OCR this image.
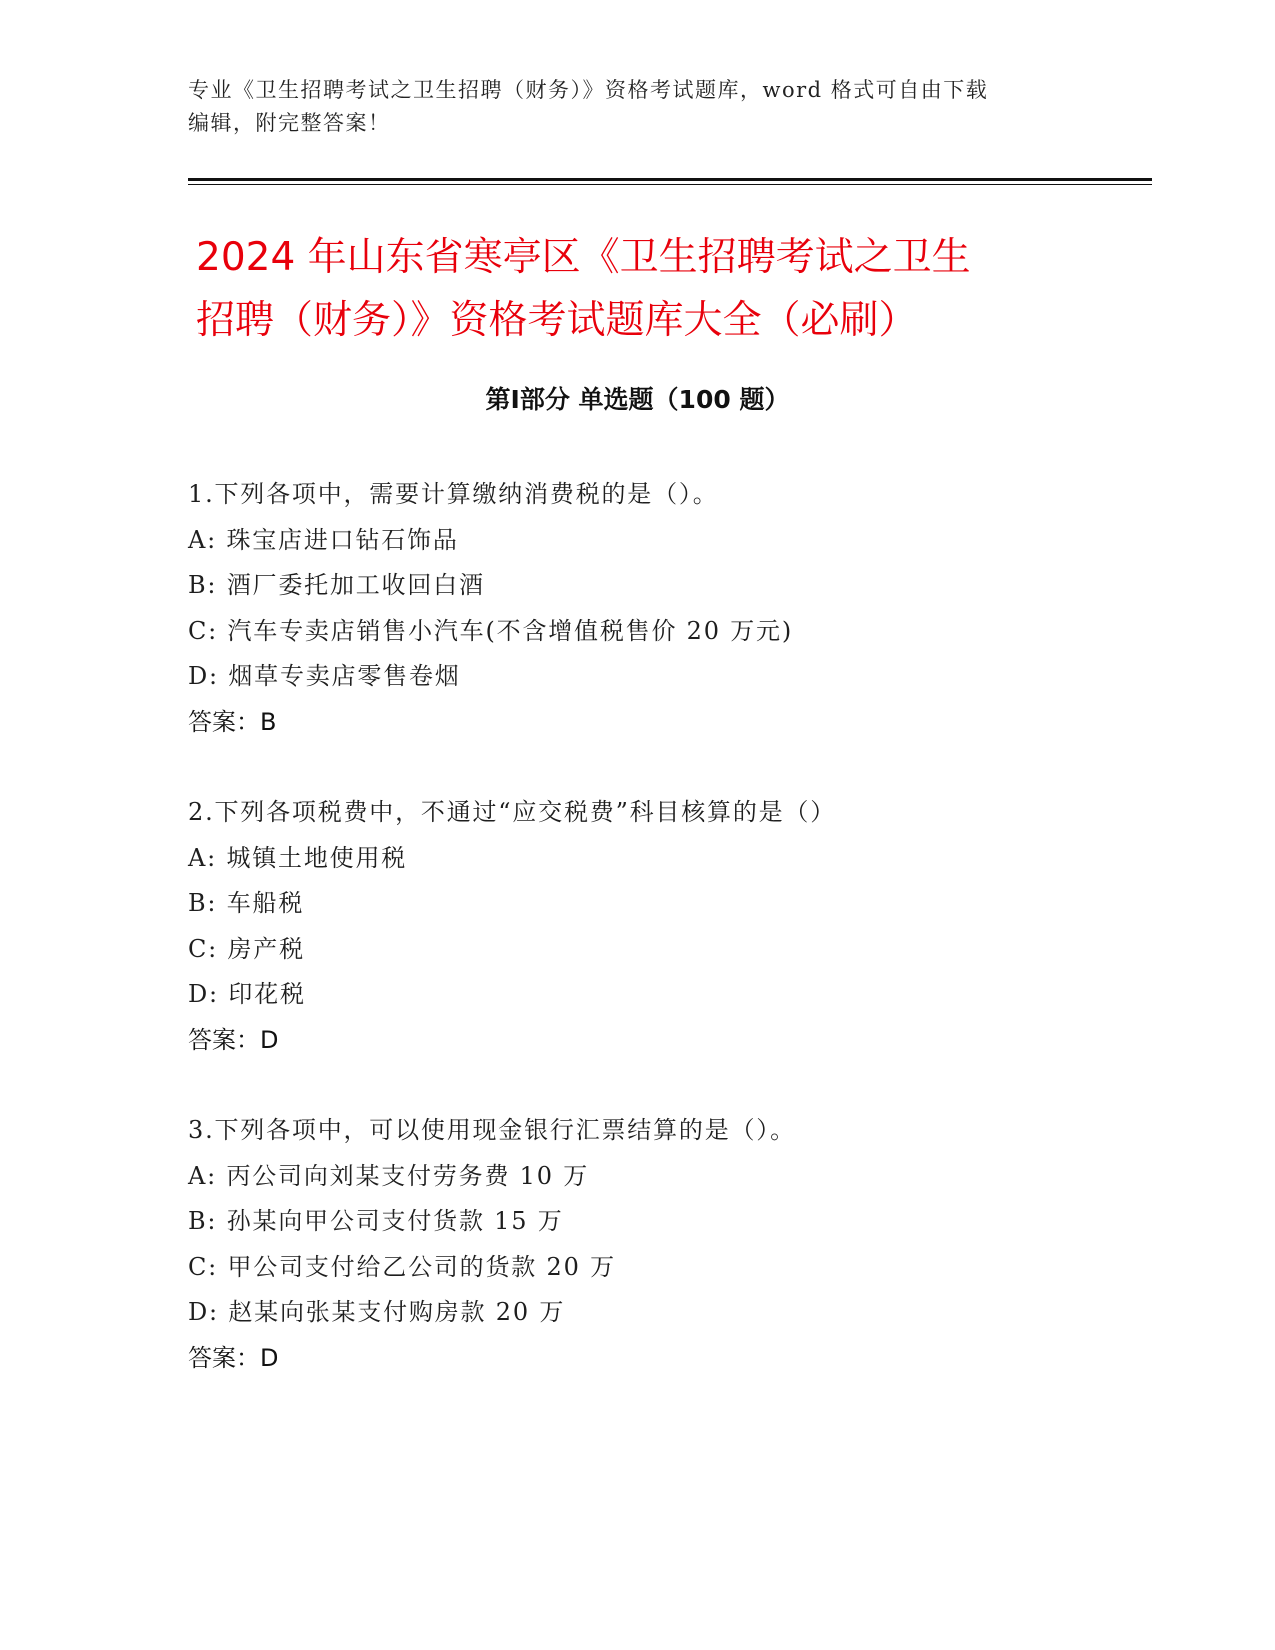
专业《卫生招聘考试之卫生招聘（财务）》资格考试题库，word 格式可自由下载
编辑，附完整答案！
2024 年山东省寒亭区《卫生招聘考试之卫生
招聘（财务）》资格考试题库大全（必刷）
第Ⅰ部分 单选题（100 题）
1.下列各项中，需要计算缴纳消费税的是（）。
A: 珠宝店进口钻石饰品
B: 酒厂委托加工收回白酒
C: 汽车专卖店销售小汽车(不含增值税售价 20 万元)
D: 烟草专卖店零售卷烟
答案：B
2.下列各项税费中，不通过“应交税费”科目核算的是（）
A: 城镇土地使用税
B: 车船税
C: 房产税
D: 印花税
答案：D
3.下列各项中，可以使用现金银行汇票结算的是（）。
A: 丙公司向刘某支付劳务费 10 万
B: 孙某向甲公司支付货款 15 万
C: 甲公司支付给乙公司的货款 20 万
D: 赵某向张某支付购房款 20 万
答案：D
